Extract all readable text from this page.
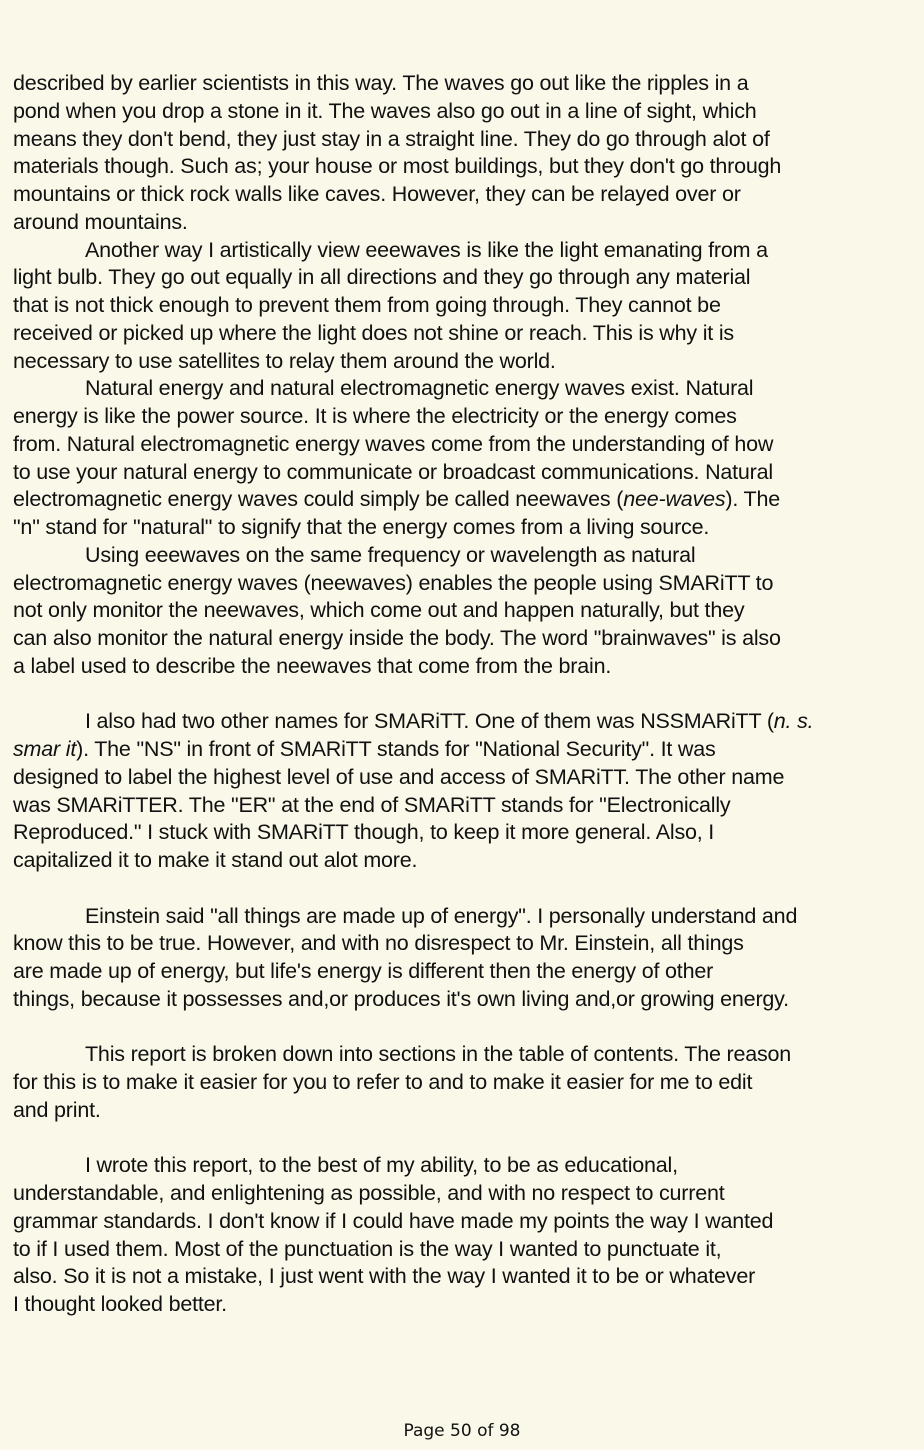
described by earlier scientists in this way. The waves go out like the ripples in a
pond when you drop a stone in it. The waves also go out in a line of sight, which
means they don't bend, they just stay in a straight line. They do go through alot of
materials though. Such as; your house or most buildings, but they don't go through
mountains or thick rock walls like caves. However, they can be relayed over or
around mountains.
Another way I artistically view eeewaves is like the light emanating from a
light bulb. They go out equally in all directions and they go through any material
that is not thick enough to prevent them from going through. They cannot be
received or picked up where the light does not shine or reach. This is why it is
necessary to use satellites to relay them around the world.
Natural energy and natural electromagnetic energy waves exist. Natural
energy is like the power source. It is where the electricity or the energy comes
from. Natural electromagnetic energy waves come from the understanding of how
to use your natural energy to communicate or broadcast communications. Natural
electromagnetic energy waves could simply be called neewaves (nee-waves). The
"n" stand for "natural" to signify that the energy comes from a living source.
Using eeewaves on the same frequency or wavelength as natural
electromagnetic energy waves (neewaves) enables the people using SMARiTT to
not only monitor the neewaves, which come out and happen naturally, but they
can also monitor the natural energy inside the body. The word "brainwaves" is also
a label used to describe the neewaves that come from the brain.
I also had two other names for SMARiTT. One of them was NSSMARiTT (n. s.
smar it). The "NS" in front of SMARiTT stands for "National Security". It was
designed to label the highest level of use and access of SMARiTT. The other name
was SMARiTTER. The "ER" at the end of SMARiTT stands for "Electronically
Reproduced." I stuck with SMARiTT though, to keep it more general. Also, I
capitalized it to make it stand out alot more.
Einstein said "all things are made up of energy". I personally understand and
know this to be true. However, and with no disrespect to Mr. Einstein, all things
are made up of energy, but life's energy is different then the energy of other
things, because it possesses and,or produces it's own living and,or growing energy.
This report is broken down into sections in the table of contents. The reason
for this is to make it easier for you to refer to and to make it easier for me to edit
and print.
I wrote this report, to the best of my ability, to be as educational,
understandable, and enlightening as possible, and with no respect to current
grammar standards. I don't know if I could have made my points the way I wanted
to if I used them. Most of the punctuation is the way I wanted to punctuate it,
also. So it is not a mistake, I just went with the way I wanted it to be or whatever
I thought looked better.
Page 50 of 98
